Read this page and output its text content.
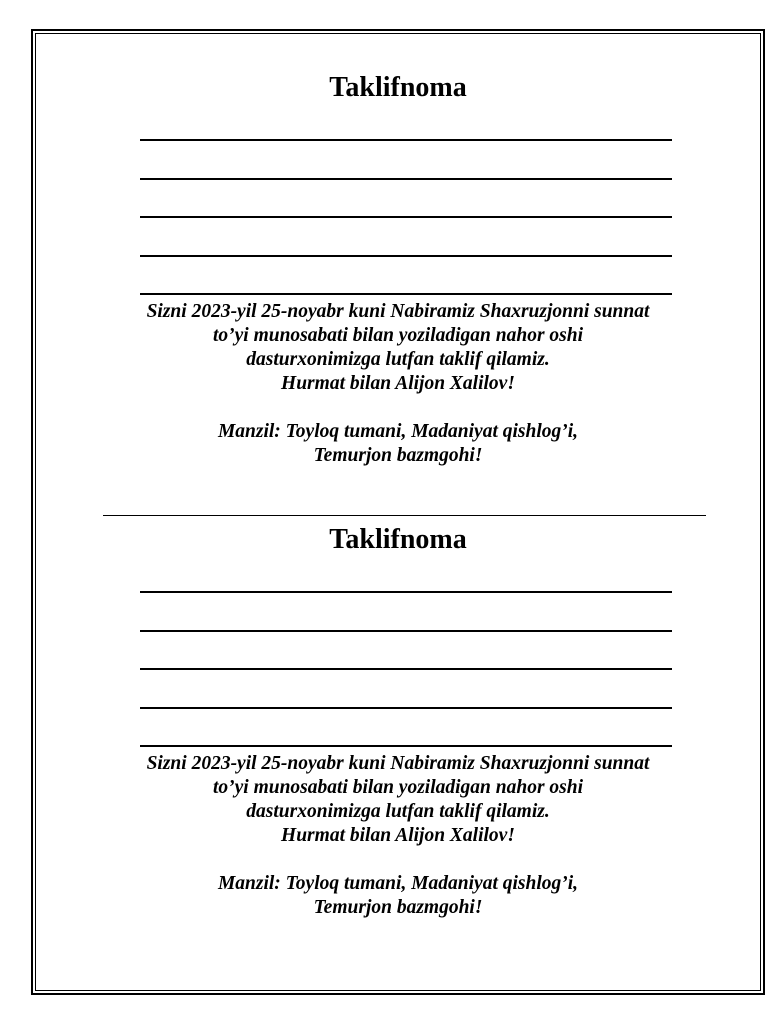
Taklifnoma
Sizni 2023-yil 25-noyabr kuni Nabiramiz Shaxruzjonni sunnat
to’yi munosabati bilan yoziladigan nahor oshi
dasturxonimizga lutfan taklif qilamiz.
Hurmat bilan Alijon Xalilov!
Manzil: Toyloq tumani, Madaniyat qishlog’i,
Temurjon bazmgohi!
Taklifnoma
Sizni 2023-yil 25-noyabr kuni Nabiramiz Shaxruzjonni sunnat
to’yi munosabati bilan yoziladigan nahor oshi
dasturxonimizga lutfan taklif qilamiz.
Hurmat bilan Alijon Xalilov!
Manzil: Toyloq tumani, Madaniyat qishlog’i,
Temurjon bazmgohi!
